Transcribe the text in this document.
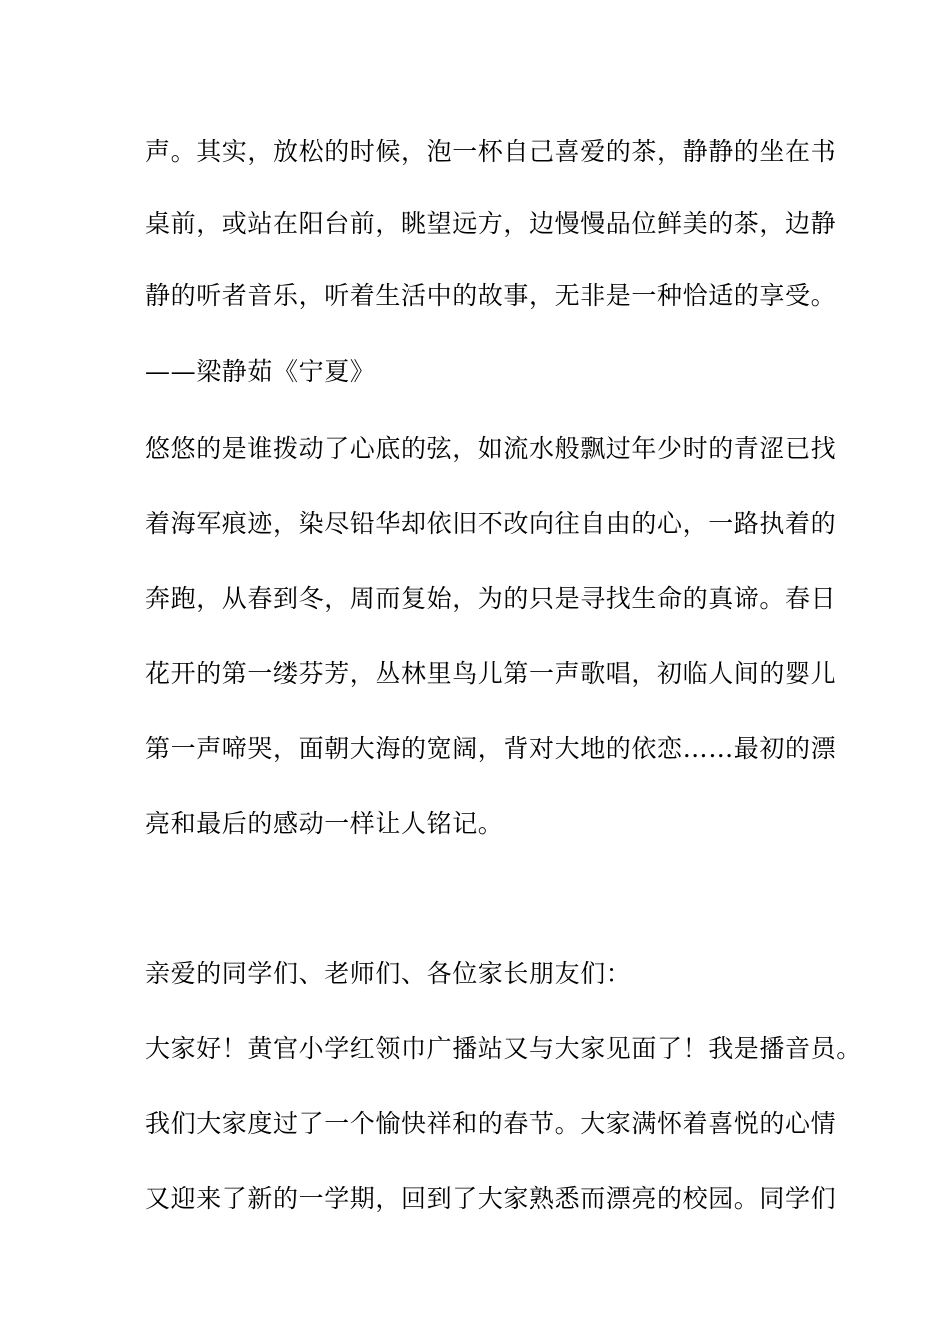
声。其实，放松的时候，泡一杯自己喜爱的茶，静静的坐在书
桌前，或站在阳台前，眺望远方，边慢慢品位鲜美的茶，边静
静的听者音乐，听着生活中的故事，无非是一种恰适的享受。
——梁静茹《宁夏》
悠悠的是谁拨动了心底的弦，如流水般飘过年少时的青涩已找
着海军痕迹，染尽铅华却依旧不改向往自由的心，一路执着的
奔跑，从春到冬，周而复始，为的只是寻找生命的真谛。春日
花开的第一缕芬芳，丛林里鸟儿第一声歌唱，初临人间的婴儿
第一声啼哭，面朝大海的宽阔，背对大地的依恋……最初的漂
亮和最后的感动一样让人铭记。
亲爱的同学们、老师们、各位家长朋友们：
大家好！黄官小学红领巾广播站又与大家见面了！我是播音员。
我们大家度过了一个愉快祥和的春节。大家满怀着喜悦的心情
又迎来了新的一学期，回到了大家熟悉而漂亮的校园。同学们
